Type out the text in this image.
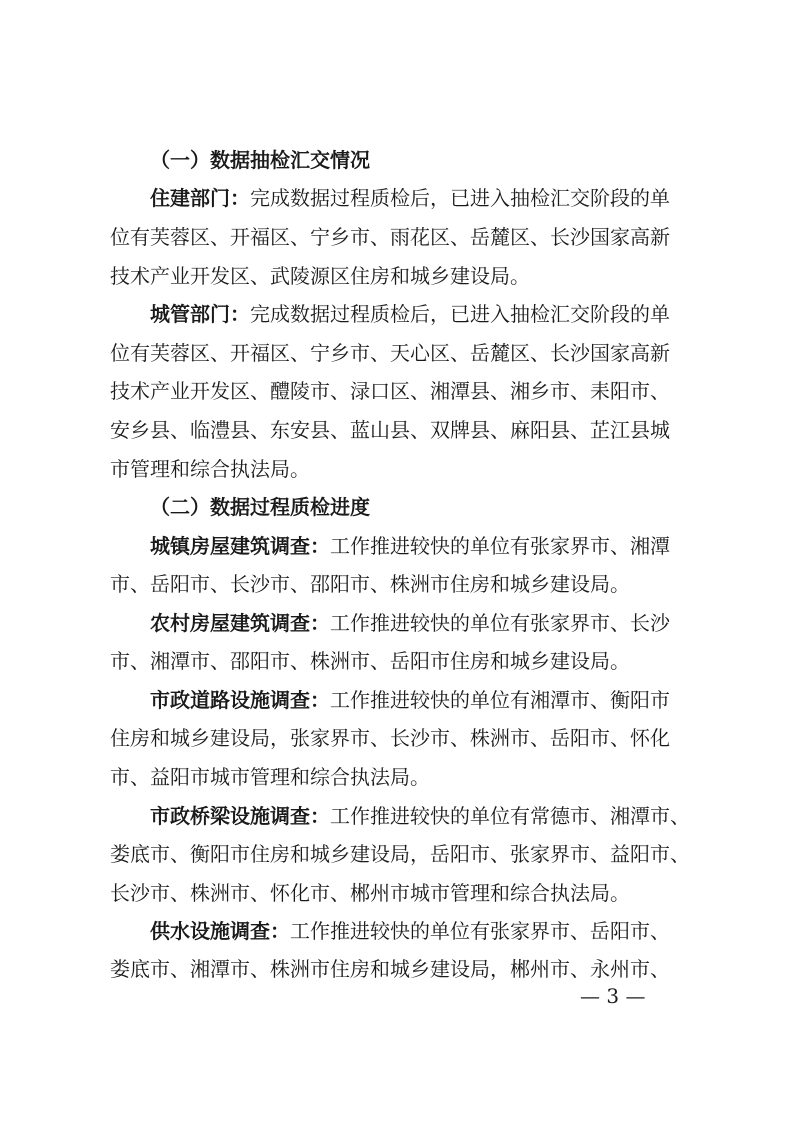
（一）数据抽检汇交情况
住建部门：完成数据过程质检后，已进入抽检汇交阶段的单
位有芙蓉区、开福区、宁乡市、雨花区、岳麓区、长沙国家高新
技术产业开发区、武陵源区住房和城乡建设局。
城管部门：完成数据过程质检后，已进入抽检汇交阶段的单
位有芙蓉区、开福区、宁乡市、天心区、岳麓区、长沙国家高新
技术产业开发区、醴陵市、渌口区、湘潭县、湘乡市、耒阳市、
安乡县、临澧县、东安县、蓝山县、双牌县、麻阳县、芷江县城
市管理和综合执法局。
（二）数据过程质检进度
城镇房屋建筑调查：工作推进较快的单位有张家界市、湘潭
市、岳阳市、长沙市、邵阳市、株洲市住房和城乡建设局。
农村房屋建筑调查：工作推进较快的单位有张家界市、长沙
市、湘潭市、邵阳市、株洲市、岳阳市住房和城乡建设局。
市政道路设施调查：工作推进较快的单位有湘潭市、衡阳市
住房和城乡建设局，张家界市、长沙市、株洲市、岳阳市、怀化
市、益阳市城市管理和综合执法局。
市政桥梁设施调查：工作推进较快的单位有常德市、湘潭市、
娄底市、衡阳市住房和城乡建设局，岳阳市、张家界市、益阳市、
长沙市、株洲市、怀化市、郴州市城市管理和综合执法局。
供水设施调查：工作推进较快的单位有张家界市、岳阳市、
娄底市、湘潭市、株洲市住房和城乡建设局，郴州市、永州市、
— 3 —
